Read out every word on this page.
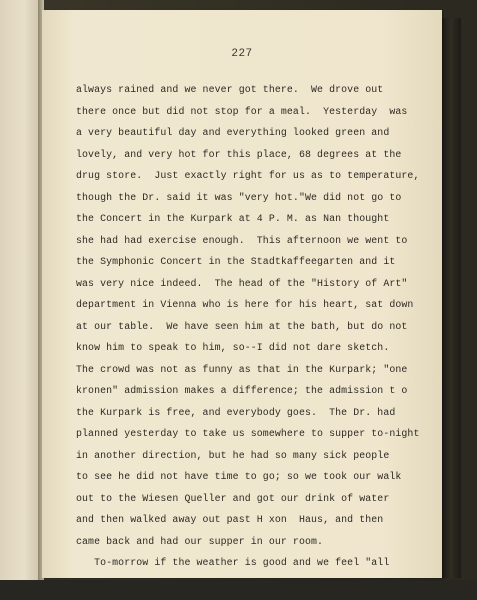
227
always rained and we never got there.  We drove out
there once but did not stop for a meal.  Yesterday  was
a very beautiful day and everything looked green and
lovely, and very hot for this place, 68 degrees at the
drug store.  Just exactly right for us as to temperature,
though the Dr. said it was "very hot."We did not go to
the Concert in the Kurpark at 4 P. M. as Nan thought
she had had exercise enough.  This afternoon we went to
the Symphonic Concert in the Stadtkaffeegarten and it
was very nice indeed.  The head of the "History of Art"
department in Vienna who is here for his heart, sat down
at our table.  We have seen him at the bath, but do not
know him to speak to him, so--I did not dare sketch.
The crowd was not as funny as that in the Kurpark; "one
kronen" admission makes a difference; the admission t o
the Kurpark is free, and everybody goes.  The Dr. had
planned yesterday to take us somewhere to supper to-night
in another direction, but he had so many sick people
to see he did not have time to go; so we took our walk
out to the Wiesen Queller and got our drink of water
and then walked away out past H xon  Haus, and then
came back and had our supper in our room.
To-morrow if the weather is good and we feel "all
